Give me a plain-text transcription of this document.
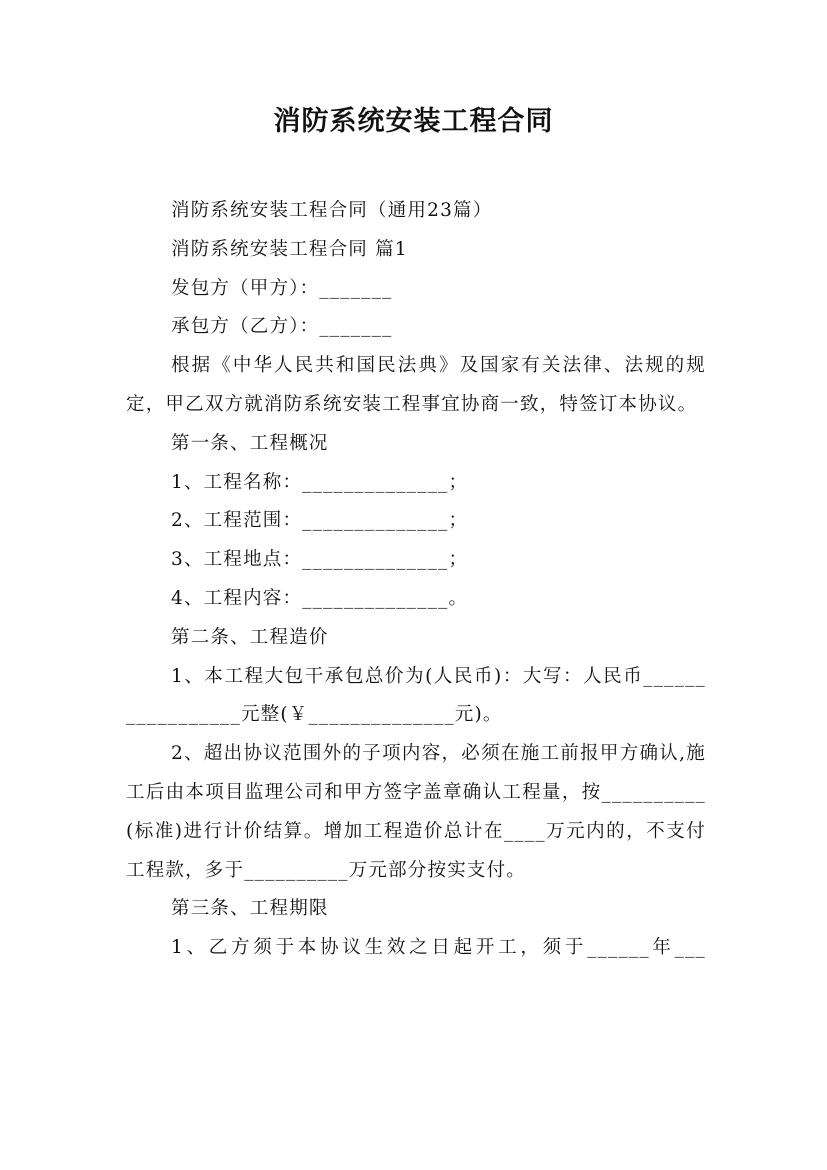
消防系统安装工程合同

消防系统安装工程合同（通用23篇）

消防系统安装工程合同 篇1

发包方（甲方）：_______

承包方（乙方）：_______

根据《中华人民共和国民法典》及国家有关法律、法规的规定，甲乙双方就消防系统安装工程事宜协商一致，特签订本协议。

第一条、工程概况

1、工程名称：______________；

2、工程范围：______________；

3、工程地点：______________；

4、工程内容：______________。

第二条、工程造价

1、本工程大包干承包总价为(人民币)：大写：人民币_________________元整(￥______________元)。

2、超出协议范围外的子项内容，必须在施工前报甲方确认,施工后由本项目监理公司和甲方签字盖章确认工程量，按__________(标准)进行计价结算。增加工程造价总计在____万元内的，不支付工程款，多于__________万元部分按实支付。

第三条、工程期限

1、乙方须于本协议生效之日起开工，须于______年___
